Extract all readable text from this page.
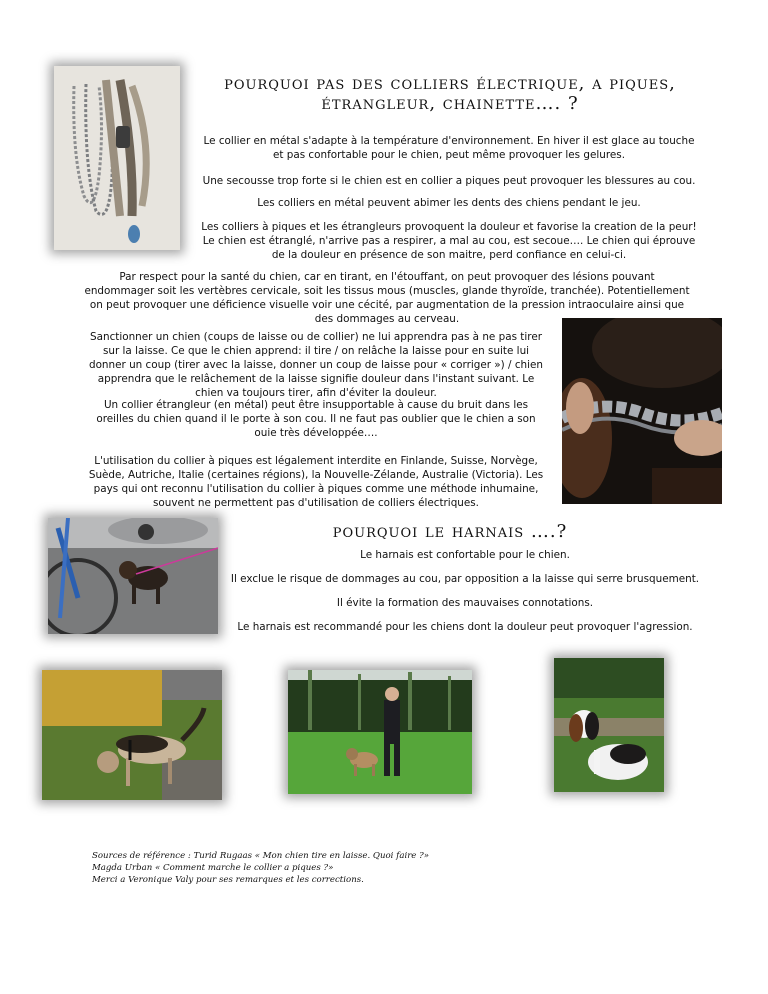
pourquoi pas des colliers électrique, a piques, étrangleur, chainette…. ?

Le collier en métal s'adapte à la température d'environnement. En hiver il est glace au touche et pas confortable pour le chien, peut même provoquer les gelures.

Une secousse trop forte si le chien est en collier a piques peut provoquer les blessures au cou.

Les colliers en métal peuvent abimer les dents des chiens pendant le jeu.

Les colliers à piques et les étrangleurs provoquent la douleur et favorise la creation de la peur! Le chien est étranglé, n'arrive pas a respirer, a mal au cou, est secoue…. Le chien qui éprouve de la douleur en présence de son maitre, perd confiance en celui-ci.

Par respect pour la santé du chien, car en tirant, en l'étouffant, on peut provoquer des lésions pouvant endommager soit les vertèbres cervicale, soit les tissus mous (muscles, glande thyroïde, tranchée). Potentiellement on peut provoquer une déficience visuelle voir une cécité, par augmentation de la pression intraoculaire ainsi que des dommages au cerveau.

Sanctionner un chien (coups de laisse ou de collier) ne lui apprendra pas à ne pas tirer sur la laisse. Ce que le chien apprend: il tire / on relâche la laisse pour en suite lui donner un coup (tirer avec la laisse, donner un coup de laisse pour « corriger ») / chien apprendra que le relâchement de la laisse signifie douleur dans l'instant suivant. Le chien va toujours tirer, afin d'éviter la douleur.

Un collier étrangleur (en métal) peut être insupportable à cause du bruit dans les oreilles du chien quand il le porte à son cou. Il ne faut pas oublier que le chien a son ouie très développée….

L'utilisation du collier à piques est légalement interdite en Finlande, Suisse, Norvège, Suède, Autriche, Italie (certaines régions), la Nouvelle-Zélande, Australie (Victoria). Les pays qui ont reconnu l'utilisation du collier à piques comme une méthode inhumaine, souvent ne permettent pas d'utilisation de colliers électriques.

pourquoi le harnais ….?

Le harnais est confortable pour le chien.

Il exclue le risque de dommages au cou, par opposition a la laisse qui serre brusquement.

Il évite la formation des mauvaises connotations.

Le harnais est recommandé pour les chiens dont la douleur peut provoquer l'agression.

Sources de référence : Turid Rugaas « Mon chien tire en laisse. Quoi faire ?»
Magda Urban « Comment marche le collier a piques ?»
Merci a Veronique Valy pour ses remarques et les corrections.
